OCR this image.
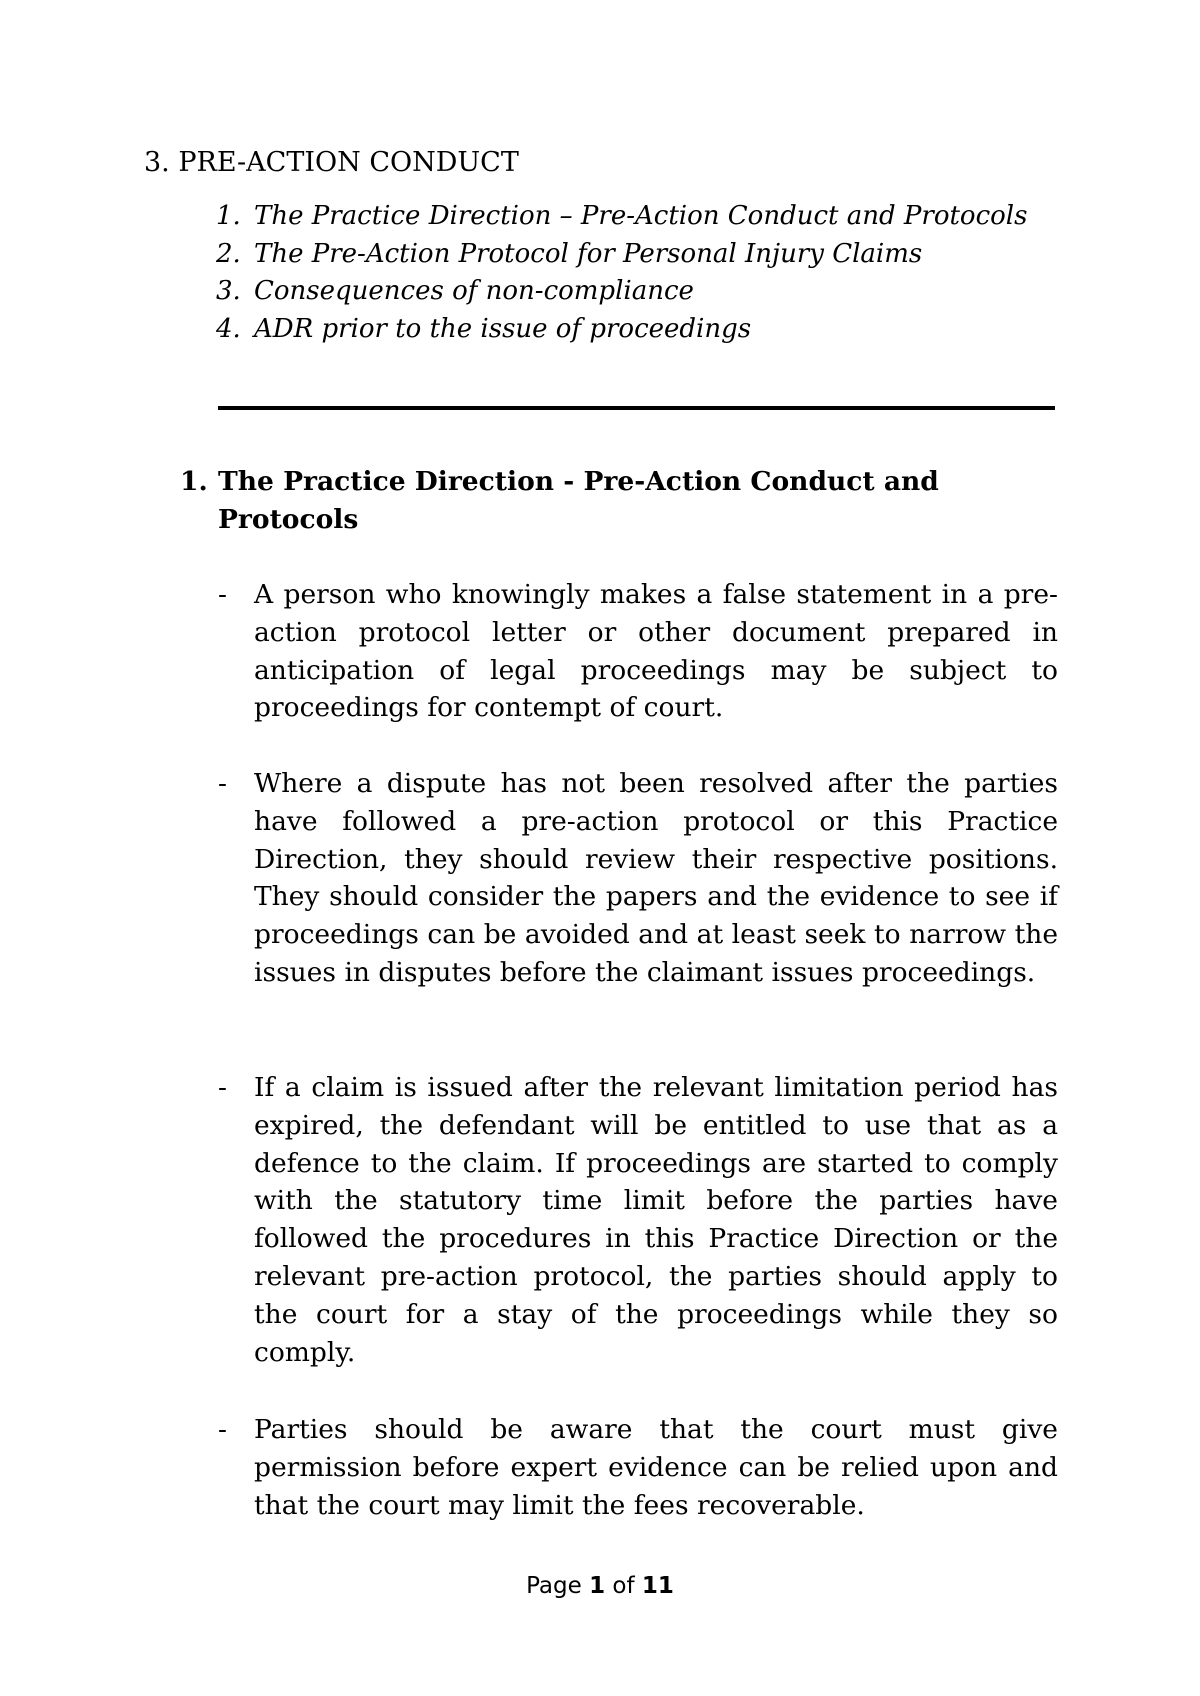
3. PRE-ACTION CONDUCT
1. The Practice Direction – Pre-Action Conduct and Protocols
2. The Pre-Action Protocol for Personal Injury Claims
3. Consequences of non-compliance
4. ADR prior to the issue of proceedings
1. The Practice Direction - Pre-Action Conduct and Protocols
- A person who knowingly makes a false statement in a pre-action protocol letter or other document prepared in anticipation of legal proceedings may be subject to proceedings for contempt of court.
- Where a dispute has not been resolved after the parties have followed a pre-action protocol or this Practice Direction, they should review their respective positions. They should consider the papers and the evidence to see if proceedings can be avoided and at least seek to narrow the issues in disputes before the claimant issues proceedings.
- If a claim is issued after the relevant limitation period has expired, the defendant will be entitled to use that as a defence to the claim. If proceedings are started to comply with the statutory time limit before the parties have followed the procedures in this Practice Direction or the relevant pre-action protocol, the parties should apply to the court for a stay of the proceedings while they so comply.
- Parties should be aware that the court must give permission before expert evidence can be relied upon and that the court may limit the fees recoverable.
Page 1 of 11
